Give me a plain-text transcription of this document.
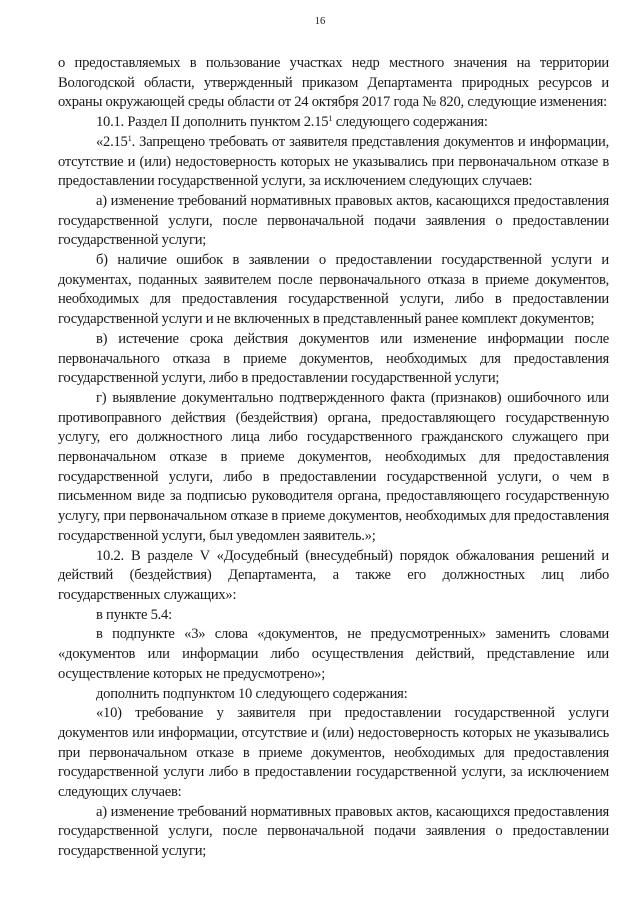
16

о предоставляемых в пользование участках недр местного значения на территории Вологодской области, утвержденный приказом Департамента природных ресурсов и охраны окружающей среды области от 24 октября 2017 года № 820, следующие изменения:

10.1. Раздел II дополнить пунктом 2.15$^1$ следующего содержания:

«2.15$^1$. Запрещено требовать от заявителя представления документов и информации, отсутствие и (или) недостоверность которых не указывались при первоначальном отказе в предоставлении государственной услуги, за исключением следующих случаев:

а) изменение требований нормативных правовых актов, касающихся предоставления государственной услуги, после первоначальной подачи заявления о предоставлении государственной услуги;

б) наличие ошибок в заявлении о предоставлении государственной услуги и документах, поданных заявителем после первоначального отказа в приеме документов, необходимых для предоставления государственной услуги, либо в предоставлении государственной услуги и не включенных в представленный ранее комплект документов;

в) истечение срока действия документов или изменение информации после первоначального отказа в приеме документов, необходимых для предоставления государственной услуги, либо в предоставлении государственной услуги;

г) выявление документально подтвержденного факта (признаков) ошибочного или противоправного действия (бездействия) органа, предоставляющего государственную услугу, его должностного лица либо государственного гражданского служащего при первоначальном отказе в приеме документов, необходимых для предоставления государственной услуги, либо в предоставлении государственной услуги, о чем в письменном виде за подписью руководителя органа, предоставляющего государственную услугу, при первоначальном отказе в приеме документов, необходимых для предоставления государственной услуги, был уведомлен заявитель.»;

10.2. В разделе V «Досудебный (внесудебный) порядок обжалования решений и действий (бездействия) Департамента, а также его должностных лиц либо государственных служащих»:

в пункте 5.4:

в подпункте «3» слова «документов, не предусмотренных» заменить словами «документов или информации либо осуществления действий, представление или осуществление которых не предусмотрено»;

дополнить подпунктом 10 следующего содержания:

«10) требование у заявителя при предоставлении государственной услуги документов или информации, отсутствие и (или) недостоверность которых не указывались при первоначальном отказе в приеме документов, необходимых для предоставления государственной услуги либо в предоставлении государственной услуги, за исключением следующих случаев:

а) изменение требований нормативных правовых актов, касающихся предоставления государственной услуги, после первоначальной подачи заявления о предоставлении государственной услуги;
